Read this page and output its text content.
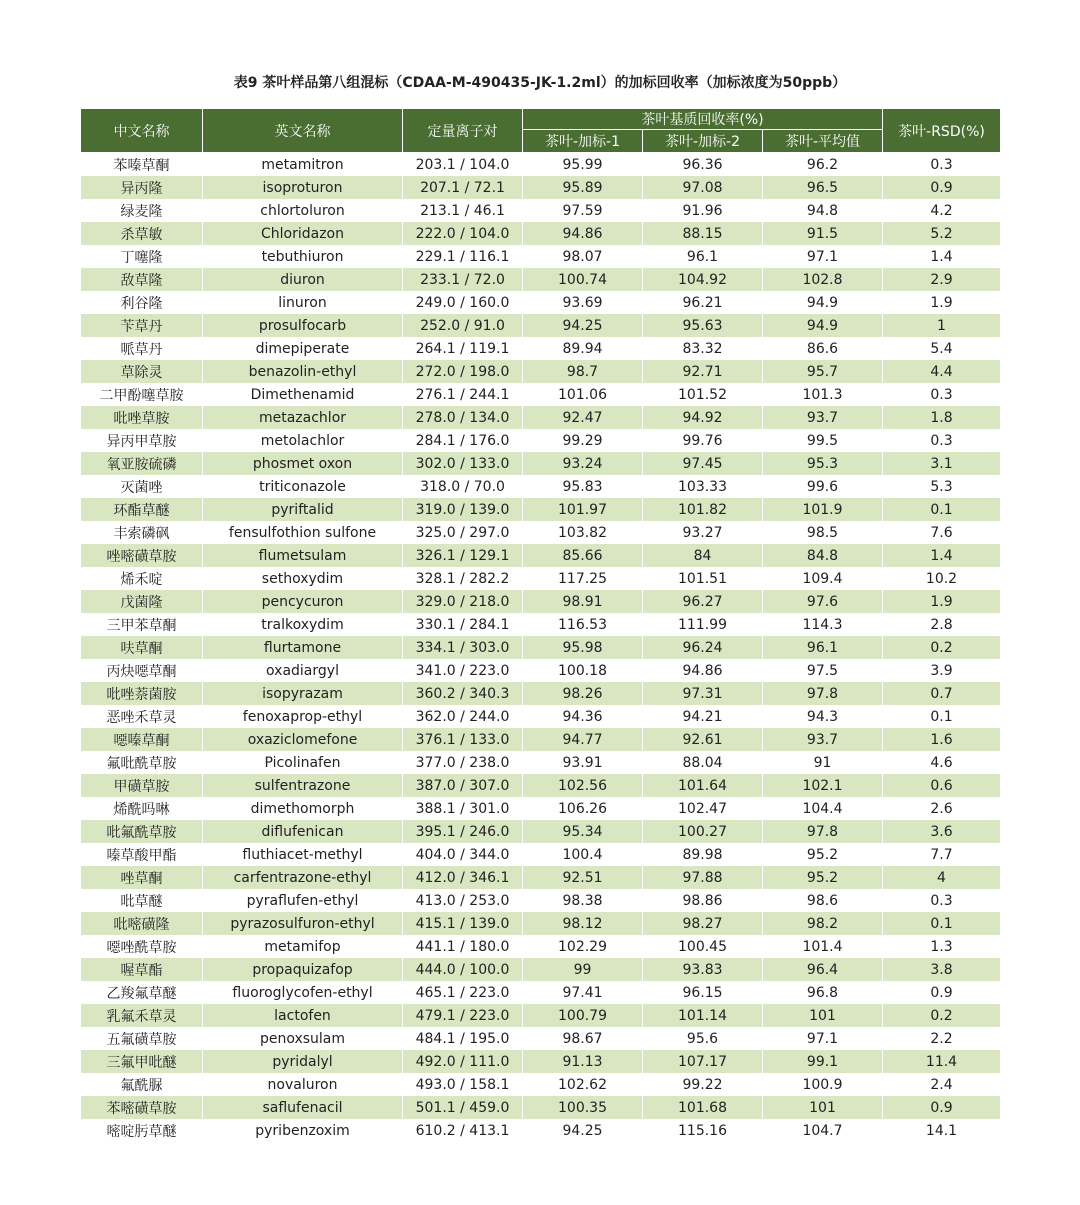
表9 茶叶样品第八组混标（CDAA-M-490435-JK-1.2ml）的加标回收率（加标浓度为50ppb）
中文名称	英文名称	定量离子对	茶叶基质回收率(%)			茶叶-RSD(%)
			茶叶-加标-1	茶叶-加标-2	茶叶-平均值	
苯嗪草酮	metamitron	203.1 / 104.0	95.99	96.36	96.2	0.3
异丙隆	isoproturon	207.1 / 72.1	95.89	97.08	96.5	0.9
绿麦隆	chlortoluron	213.1 / 46.1	97.59	91.96	94.8	4.2
杀草敏	Chloridazon	222.0 / 104.0	94.86	88.15	91.5	5.2
丁噻隆	tebuthiuron	229.1 / 116.1	98.07	96.1	97.1	1.4
敌草隆	diuron	233.1 / 72.0	100.74	104.92	102.8	2.9
利谷隆	linuron	249.0 / 160.0	93.69	96.21	94.9	1.9
苄草丹	prosulfocarb	252.0 / 91.0	94.25	95.63	94.9	1
哌草丹	dimepiperate	264.1 / 119.1	89.94	83.32	86.6	5.4
草除灵	benazolin-ethyl	272.0 / 198.0	98.7	92.71	95.7	4.4
二甲酚噻草胺	Dimethenamid	276.1 / 244.1	101.06	101.52	101.3	0.3
吡唑草胺	metazachlor	278.0 / 134.0	92.47	94.92	93.7	1.8
异丙甲草胺	metolachlor	284.1 / 176.0	99.29	99.76	99.5	0.3
氧亚胺硫磷	phosmet oxon	302.0 / 133.0	93.24	97.45	95.3	3.1
灭菌唑	triticonazole	318.0 / 70.0	95.83	103.33	99.6	5.3
环酯草醚	pyriftalid	319.0 / 139.0	101.97	101.82	101.9	0.1
丰索磷砜	fensulfothion sulfone	325.0 / 297.0	103.82	93.27	98.5	7.6
唑嘧磺草胺	flumetsulam	326.1 / 129.1	85.66	84	84.8	1.4
烯禾啶	sethoxydim	328.1 / 282.2	117.25	101.51	109.4	10.2
戊菌隆	pencycuron	329.0 / 218.0	98.91	96.27	97.6	1.9
三甲苯草酮	tralkoxydim	330.1 / 284.1	116.53	111.99	114.3	2.8
呋草酮	flurtamone	334.1 / 303.0	95.98	96.24	96.1	0.2
丙炔噁草酮	oxadiargyl	341.0 / 223.0	100.18	94.86	97.5	3.9
吡唑萘菌胺	isopyrazam	360.2 / 340.3	98.26	97.31	97.8	0.7
恶唑禾草灵	fenoxaprop-ethyl	362.0 / 244.0	94.36	94.21	94.3	0.1
噁嗪草酮	oxaziclomefone	376.1 / 133.0	94.77	92.61	93.7	1.6
氟吡酰草胺	Picolinafen	377.0 / 238.0	93.91	88.04	91	4.6
甲磺草胺	sulfentrazone	387.0 / 307.0	102.56	101.64	102.1	0.6
烯酰吗啉	dimethomorph	388.1 / 301.0	106.26	102.47	104.4	2.6
吡氟酰草胺	diflufenican	395.1 / 246.0	95.34	100.27	97.8	3.6
嗪草酸甲酯	fluthiacet-methyl	404.0 / 344.0	100.4	89.98	95.2	7.7
唑草酮	carfentrazone-ethyl	412.0 / 346.1	92.51	97.88	95.2	4
吡草醚	pyraflufen-ethyl	413.0 / 253.0	98.38	98.86	98.6	0.3
吡嘧磺隆	pyrazosulfuron-ethyl	415.1 / 139.0	98.12	98.27	98.2	0.1
噁唑酰草胺	metamifop	441.1 / 180.0	102.29	100.45	101.4	1.3
喔草酯	propaquizafop	444.0 / 100.0	99	93.83	96.4	3.8
乙羧氟草醚	fluoroglycofen-ethyl	465.1 / 223.0	97.41	96.15	96.8	0.9
乳氟禾草灵	lactofen	479.1 / 223.0	100.79	101.14	101	0.2
五氟磺草胺	penoxsulam	484.1 / 195.0	98.67	95.6	97.1	2.2
三氟甲吡醚	pyridalyl	492.0 / 111.0	91.13	107.17	99.1	11.4
氟酰脲	novaluron	493.0 / 158.1	102.62	99.22	100.9	2.4
苯嘧磺草胺	saflufenacil	501.1 / 459.0	100.35	101.68	101	0.9
嘧啶肟草醚	pyribenzoxim	610.2 / 413.1	94.25	115.16	104.7	14.1
